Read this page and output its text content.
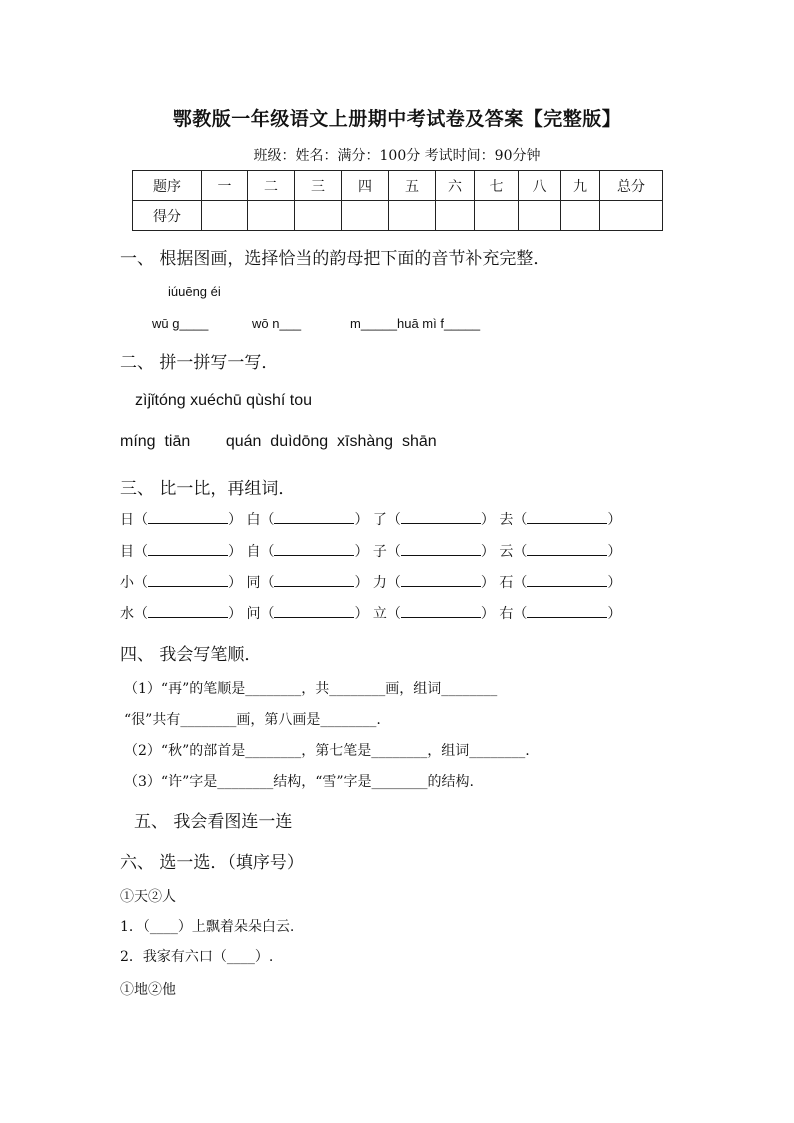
鄂教版一年级语文上册期中考试卷及答案【完整版】
班级：姓名：满分：100分 考试时间：90分钟
题序	一	二	三	四	五	六	七	八	九	总分
得分										
一、 根据图画，选择恰当的韵母把下面的音节补充完整．
iúuēng éi
wū g____	wō n___	m_____huā mì f_____
二、 拼一拼写一写．
zìjǐtóng xuéchū qùshí tou
míng  tiān        quán  duìdōng  xīshàng  shān
三、 比一比，再组词．
日（	） 白（	） 了（	） 去（	）
目（	） 自（	） 子（	） 云（	）
小（	） 同（	） 力（	） 石（	）
水（	） 问（	） 立（	） 右（	）
四、 我会写笔顺．
（1）“再”的笔顺是________，共________画，组词________
“很”共有________画，第八画是________.
（2）“秋”的部首是________，第七笔是________，组词________.
（3）“许”字是________结构，“雪”字是________的结构.
五、 我会看图连一连
六、 选一选．（填序号）
①天②人
1．（____）上飘着朵朵白云.
2．我家有六口（____）.
①地②他
